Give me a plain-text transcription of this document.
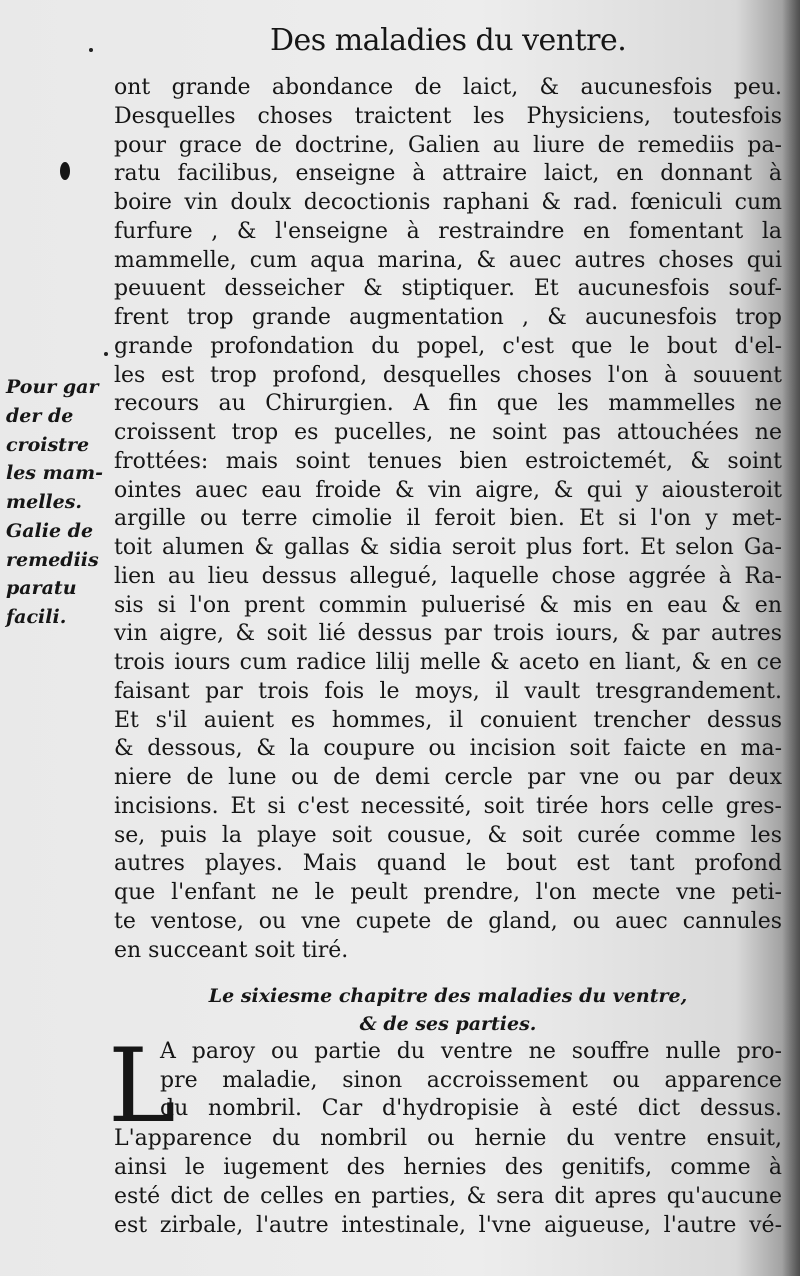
Des maladies du ventre.
ont grande abondance de laict, & aucunesfois peu.
Desquelles choses traictent les Physiciens, toutesfois
pour grace de doctrine, Galien au liure de remediis pa-
ratu facilibus, enseigne à attraire laict, en donnant à
boire vin doulx decoctionis raphani & rad. fœniculi cum
furfure , & l'enseigne à restraindre en fomentant la
mammelle, cum aqua marina, & auec autres choses qui
peuuent desseicher & stiptiquer. Et aucunesfois souf-
frent trop grande augmentation , & aucunesfois trop
grande profondation du popel, c'est que le bout d'el-
les est trop profond, desquelles choses l'on à souuent
recours au Chirurgien. A fin que les mammelles ne
croissent trop es pucelles, ne soint pas attouchées ne
frottées: mais soint tenues bien estroictemét, & soint
ointes auec eau froide & vin aigre, & qui y aiousteroit
argille ou terre cimolie il feroit bien. Et si l'on y met-
toit alumen & gallas & sidia seroit plus fort. Et selon Ga-
lien au lieu dessus allegué, laquelle chose aggrée à Ra-
sis si l'on prent commin puluerisé & mis en eau & en
vin aigre, & soit lié dessus par trois iours, & par autres
trois iours cum radice lilij melle & aceto en liant, & en ce
faisant par trois fois le moys, il vault tresgrandement.
Et s'il auient es hommes, il conuient trencher dessus
& dessous, & la coupure ou incision soit faicte en ma-
niere de lune ou de demi cercle par vne ou par deux
incisions. Et si c'est necessité, soit tirée hors celle gres-
se, puis la playe soit cousue, & soit curée comme les
autres playes. Mais quand le bout est tant profond
que l'enfant ne le peult prendre, l'on mecte vne peti-
te ventose, ou vne cupete de gland, ou auec cannules
en succeant soit tiré.
Pour gar
der de
croistre
les mam-
melles.
Galie de
remediis
paratu
facili.
Le sixiesme chapitre des maladies du ventre,
& de ses parties.
L
A paroy ou partie du ventre ne souffre nulle pro-
pre maladie, sinon accroissement ou apparence
du nombril. Car d'hydropisie à esté dict dessus.
L'apparence du nombril ou hernie du ventre ensuit,
ainsi le iugement des hernies des genitifs, comme à
esté dict de celles en parties, & sera dit apres qu'aucune
est zirbale, l'autre intestinale, l'vne aigueuse, l'autre vé-
